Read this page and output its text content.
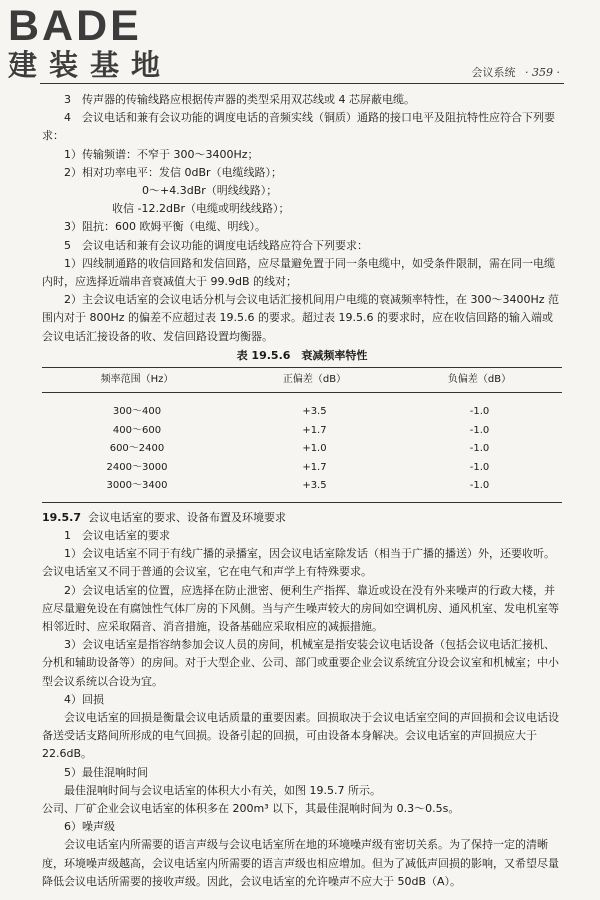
BADE
建装基地	会议系统 · 359 ·

3　传声器的传输线路应根据传声器的类型采用双芯线或 4 芯屏蔽电缆。

4　会议电话和兼有会议功能的调度电话的音频实线（铜质）通路的接口电平及阻抗特性应符合下列要求：

1）传输频谱：不窄于 300～3400Hz；

2）相对功率电平：发信 0dBr（电缆线路）；

0～+4.3dBr（明线线路）；

收信 -12.2dBr（电缆或明线线路）；

3）阻抗：600 欧姆平衡（电缆、明线）。

5　会议电话和兼有会议功能的调度电话线路应符合下列要求：

1）四线制通路的收信回路和发信回路，应尽量避免置于同一条电缆中，如受条件限制，需在同一电缆内时，应选择近端串音衰减值大于 99.9dB 的线对；

2）主会议电话室的会议电话分机与会议电话汇接机间用户电缆的衰减频率特性，在 300～3400Hz 范围内对于 800Hz 的偏差不应超过表 19.5.6 的要求。超过表 19.5.6 的要求时，应在收信回路的输入端或会议电话汇接设备的收、发信回路设置均衡器。

表 19.5.6　衰减频率特性
频率范围（Hz）	正偏差（dB）	负偏差（dB）
300～400	+3.5	-1.0
400～600	+1.7	-1.0
600～2400	+1.0	-1.0
2400～3000	+1.7	-1.0
3000～3400	+3.5	-1.0

19.5.7 会议电话室的要求、设备布置及环境要求

1　会议电话室的要求

1）会议电话室不同于有线广播的录播室，因会议电话室除发话（相当于广播的播送）外，还要收听。会议电话室又不同于普通的会议室，它在电气和声学上有特殊要求。

2）会议电话室的位置，应选择在防止泄密、便利生产指挥、靠近或设在没有外来噪声的行政大楼，并应尽量避免设在有腐蚀性气体厂房的下风侧。当与产生噪声较大的房间如空调机房、通风机室、发电机室等相邻近时、应采取隔音、消音措施，设备基础应采取相应的减振措施。

3）会议电话室是指容纳参加会议人员的房间，机械室是指安装会议电话设备（包括会议电话汇接机、分机和辅助设备等）的房间。对于大型企业、公司、部门或重要企业会议系统宜分设会议室和机械室；中小型会议系统以合设为宜。

4）回损

会议电话室的回损是衡量会议电话质量的重要因素。回损取决于会议电话室空间的声回损和会议电话设备送受话支路间所形成的电气回损。设备引起的回损，可由设备本身解决。会议电话室的声回损应大于 22.6dB。

5）最佳混响时间

最佳混响时间与会议电话室的体积大小有关，如图 19.5.7 所示。

公司、厂矿企业会议电话室的体积多在 200m³ 以下，其最佳混响时间为 0.3～0.5s。

6）噪声级

会议电话室内所需要的语言声级与会议电话室所在地的环境噪声级有密切关系。为了保持一定的清晰度，环境噪声级越高，会议电话室内所需要的语言声级也相应增加。但为了减低声回损的影响，又希望尽量降低会议电话所需要的接收声级。因此，会议电话室的允许噪声不应大于 50dB（A）。
